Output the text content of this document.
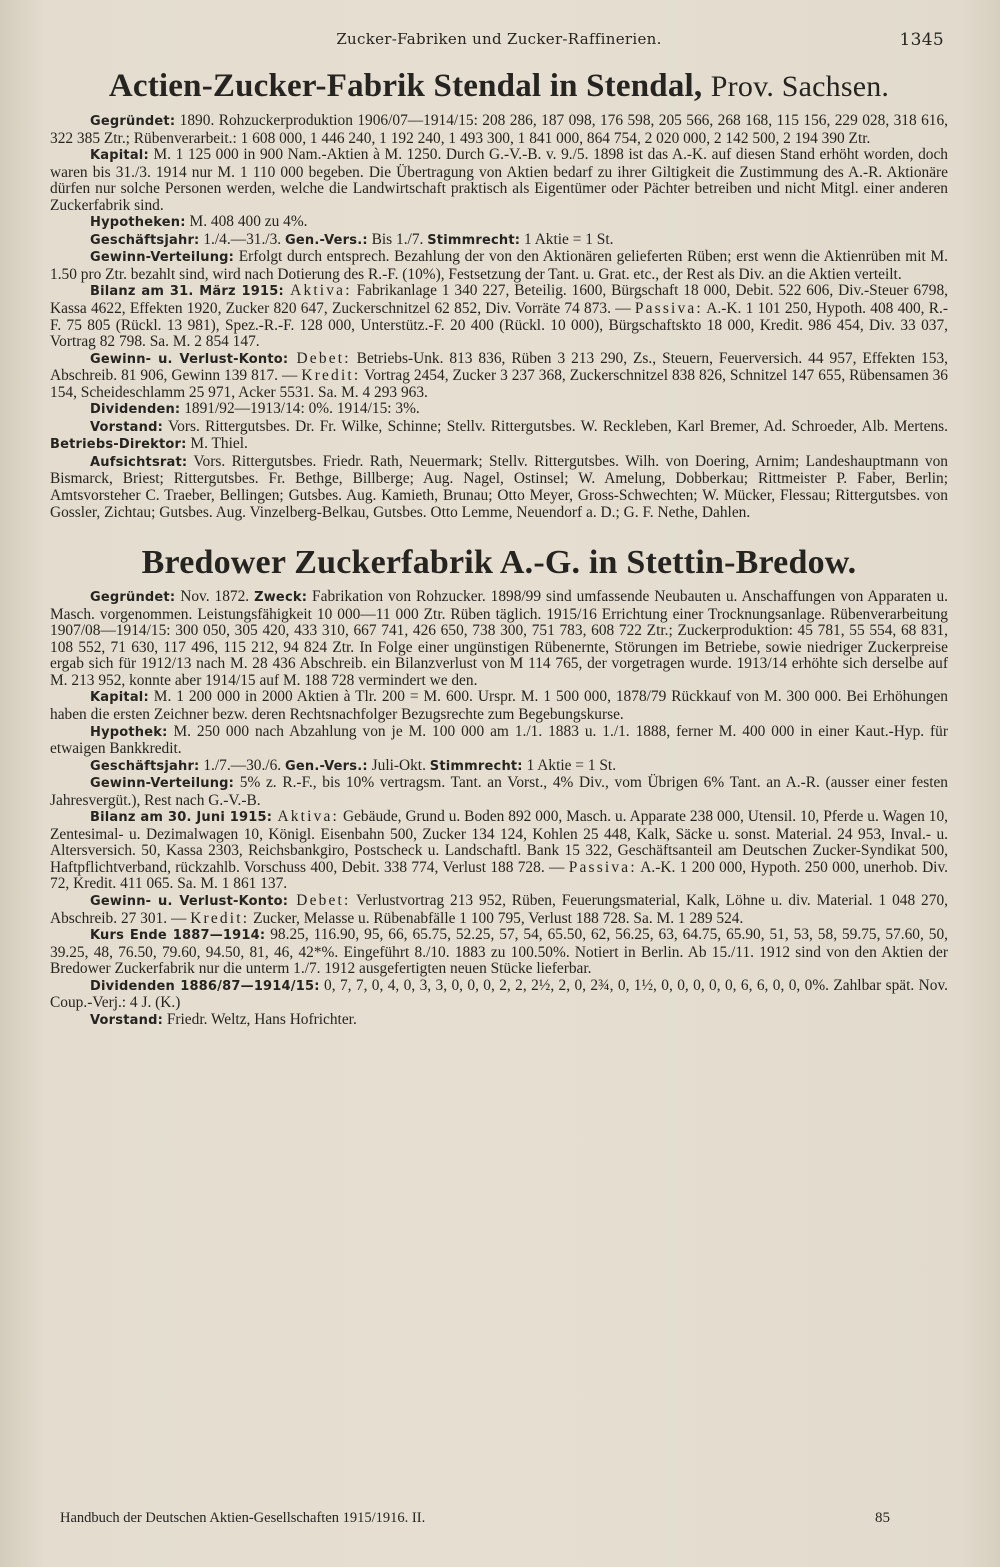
Zucker-Fabriken und Zucker-Raffinerien.	1345
Actien-Zucker-Fabrik Stendal in Stendal, Prov. Sachsen.

Gegründet: 1890. Rohzuckerproduktion 1906/07—1914/15: 208 286, 187 098, 176 598, 205 566, 268 168, 115 156, 229 028, 318 616, 322 385 Ztr.; Rübenverarbeit.: 1 608 000, 1 446 240, 1 192 240, 1 493 300, 1 841 000, 864 754, 2 020 000, 2 142 500, 2 194 390 Ztr.

Kapital: M. 1 125 000 in 900 Nam.-Aktien à M. 1250. Durch G.-V.-B. v. 9./5. 1898 ist das A.-K. auf diesen Stand erhöht worden, doch waren bis 31./3. 1914 nur M. 1 110 000 begeben. Die Übertragung von Aktien bedarf zu ihrer Giltigkeit die Zustimmung des A.-R. Aktionäre dürfen nur solche Personen werden, welche die Landwirtschaft praktisch als Eigentümer oder Pächter betreiben und nicht Mitgl. einer anderen Zuckerfabrik sind.

Hypotheken: M. 408 400 zu 4%.

Geschäftsjahr: 1./4.—31./3. Gen.-Vers.: Bis 1./7. Stimmrecht: 1 Aktie = 1 St.

Gewinn-Verteilung: Erfolgt durch entsprech. Bezahlung der von den Aktionären gelieferten Rüben; erst wenn die Aktienrüben mit M. 1.50 pro Ztr. bezahlt sind, wird nach Dotierung des R.-F. (10%), Festsetzung der Tant. u. Grat. etc., der Rest als Div. an die Aktien verteilt.

Bilanz am 31. März 1915: Aktiva: Fabrikanlage 1 340 227, Beteilig. 1600, Bürgschaft 18 000, Debit. 522 606, Div.-Steuer 6798, Kassa 4622, Effekten 1920, Zucker 820 647, Zuckerschnitzel 62 852, Div. Vorräte 74 873. — Passiva: A.-K. 1 101 250, Hypoth. 408 400, R.-F. 75 805 (Rückl. 13 981), Spez.-R.-F. 128 000, Unterstütz.-F. 20 400 (Rückl. 10 000), Bürgschaftskto 18 000, Kredit. 986 454, Div. 33 037, Vortrag 82 798. Sa. M. 2 854 147.

Gewinn- u. Verlust-Konto: Debet: Betriebs-Unk. 813 836, Rüben 3 213 290, Zs., Steuern, Feuerversich. 44 957, Effekten 153, Abschreib. 81 906, Gewinn 139 817. — Kredit: Vortrag 2454, Zucker 3 237 368, Zuckerschnitzel 838 826, Schnitzel 147 655, Rübensamen 36 154, Scheideschlamm 25 971, Acker 5531. Sa. M. 4 293 963.

Dividenden: 1891/92—1913/14: 0%. 1914/15: 3%.

Vorstand: Vors. Rittergutsbes. Dr. Fr. Wilke, Schinne; Stellv. Rittergutsbes. W. Reckleben, Karl Bremer, Ad. Schroeder, Alb. Mertens. Betriebs-Direktor: M. Thiel.

Aufsichtsrat: Vors. Rittergutsbes. Friedr. Rath, Neuermark; Stellv. Rittergutsbes. Wilh. von Doering, Arnim; Landeshauptmann von Bismarck, Briest; Rittergutsbes. Fr. Bethge, Billberge; Aug. Nagel, Ostinsel; W. Amelung, Dobberkau; Rittmeister P. Faber, Berlin; Amtsvorsteher C. Traeber, Bellingen; Gutsbes. Aug. Kamieth, Brunau; Otto Meyer, Gross-Schwechten; W. Mücker, Flessau; Rittergutsbes. von Gossler, Zichtau; Gutsbes. Aug. Vinzelberg-Belkau, Gutsbes. Otto Lemme, Neuendorf a. D.; G. F. Nethe, Dahlen.

Bredower Zuckerfabrik A.-G. in Stettin-Bredow.

Gegründet: Nov. 1872. Zweck: Fabrikation von Rohzucker. 1898/99 sind umfassende Neubauten u. Anschaffungen von Apparaten u. Masch. vorgenommen. Leistungsfähigkeit 10 000—11 000 Ztr. Rüben täglich. 1915/16 Errichtung einer Trocknungsanlage. Rübenverarbeitung 1907/08—1914/15: 300 050, 305 420, 433 310, 667 741, 426 650, 738 300, 751 783, 608 722 Ztr.; Zuckerproduktion: 45 781, 55 554, 68 831, 108 552, 71 630, 117 496, 115 212, 94 824 Ztr. In Folge einer ungünstigen Rübenernte, Störungen im Betriebe, sowie niedriger Zuckerpreise ergab sich für 1912/13 nach M. 28 436 Abschreib. ein Bilanzverlust von M 114 765, der vorgetragen wurde. 1913/14 erhöhte sich derselbe auf M. 213 952, konnte aber 1914/15 auf M. 188 728 vermindert we den.

Kapital: M. 1 200 000 in 2000 Aktien à Tlr. 200 = M. 600. Urspr. M. 1 500 000, 1878/79 Rückkauf von M. 300 000. Bei Erhöhungen haben die ersten Zeichner bezw. deren Rechtsnachfolger Bezugsrechte zum Begebungskurse.

Hypothek: M. 250 000 nach Abzahlung von je M. 100 000 am 1./1. 1883 u. 1./1. 1888, ferner M. 400 000 in einer Kaut.-Hyp. für etwaigen Bankkredit.

Geschäftsjahr: 1./7.—30./6. Gen.-Vers.: Juli-Okt. Stimmrecht: 1 Aktie = 1 St.

Gewinn-Verteilung: 5% z. R.-F., bis 10% vertragsm. Tant. an Vorst., 4% Div., vom Übrigen 6% Tant. an A.-R. (ausser einer festen Jahresvergüt.), Rest nach G.-V.-B.

Bilanz am 30. Juni 1915: Aktiva: Gebäude, Grund u. Boden 892 000, Masch. u. Apparate 238 000, Utensil. 10, Pferde u. Wagen 10, Zentesimal- u. Dezimalwagen 10, Königl. Eisenbahn 500, Zucker 134 124, Kohlen 25 448, Kalk, Säcke u. sonst. Material. 24 953, Inval.- u. Altersversich. 50, Kassa 2303, Reichsbankgiro, Postscheck u. Landschaftl. Bank 15 322, Geschäftsanteil am Deutschen Zucker-Syndikat 500, Haftpflichtverband, rückzahlb. Vorschuss 400, Debit. 338 774, Verlust 188 728. — Passiva: A.-K. 1 200 000, Hypoth. 250 000, unerhob. Div. 72, Kredit. 411 065. Sa. M. 1 861 137.

Gewinn- u. Verlust-Konto: Debet: Verlustvortrag 213 952, Rüben, Feuerungsmaterial, Kalk, Löhne u. div. Material. 1 048 270, Abschreib. 27 301. — Kredit: Zucker, Melasse u. Rübenabfälle 1 100 795, Verlust 188 728. Sa. M. 1 289 524.

Kurs Ende 1887—1914: 98.25, 116.90, 95, 66, 65.75, 52.25, 57, 54, 65.50, 62, 56.25, 63, 64.75, 65.90, 51, 53, 58, 59.75, 57.60, 50, 39.25, 48, 76.50, 79.60, 94.50, 81, 46, 42*%. Eingeführt 8./10. 1883 zu 100.50%. Notiert in Berlin. Ab 15./11. 1912 sind von den Aktien der Bredower Zuckerfabrik nur die unterm 1./7. 1912 ausgefertigten neuen Stücke lieferbar.

Dividenden 1886/87—1914/15: 0, 7, 7, 0, 4, 0, 3, 3, 0, 0, 0, 2, 2, 2½, 2, 0, 2¾, 0, 1½, 0, 0, 0, 0, 0, 6, 6, 0, 0, 0%. Zahlbar spät. Nov. Coup.-Verj.: 4 J. (K.)

Vorstand: Friedr. Weltz, Hans Hofrichter.

Handbuch der Deutschen Aktien-Gesellschaften 1915/1916. II.	85
